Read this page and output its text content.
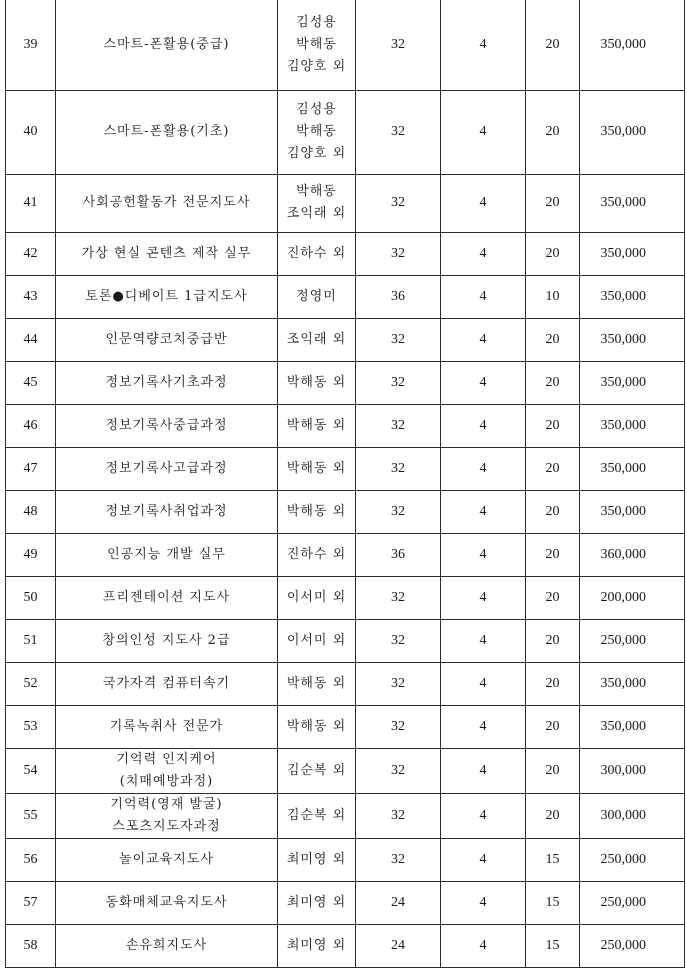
39	스마트-폰활용(중급)	김성용
박해동
김양호 외	32	4	20	350,000
40	스마트-폰활용(기초)	김성용
박해동
김양호 외	32	4	20	350,000
41	사회공헌활동가 전문지도사	박해동
조익래 외	32	4	20	350,000
42	가상 현실 콘텐츠 제작 실무	진하수 외	32	4	20	350,000
43	토론●디베이트 1급지도사	정영미	36	4	10	350,000
44	인문역량코치중급반	조익래 외	32	4	20	350,000
45	정보기록사기초과정	박해동 외	32	4	20	350,000
46	정보기록사중급과정	박해동 외	32	4	20	350,000
47	정보기록사고급과정	박해동 외	32	4	20	350,000
48	정보기록사취업과정	박해동 외	32	4	20	350,000
49	인공지능 개발 실무	진하수 외	36	4	20	360,000
50	프리젠테이션 지도사	이서미 외	32	4	20	200,000
51	창의인성 지도사 2급	이서미 외	32	4	20	250,000
52	국가자격 컴퓨터속기	박해동 외	32	4	20	350,000
53	기록녹취사 전문가	박해동 외	32	4	20	350,000
54	기억력 인지케어
(치매예방과정)	김순복 외	32	4	20	300,000
55	기억력(영재 발굴)
스포츠지도자과정	김순복 외	32	4	20	300,000
56	놀이교육지도사	최미영 외	32	4	15	250,000
57	동화매체교육지도사	최미영 외	24	4	15	250,000
58	손유희지도사	최미영 외	24	4	15	250,000
